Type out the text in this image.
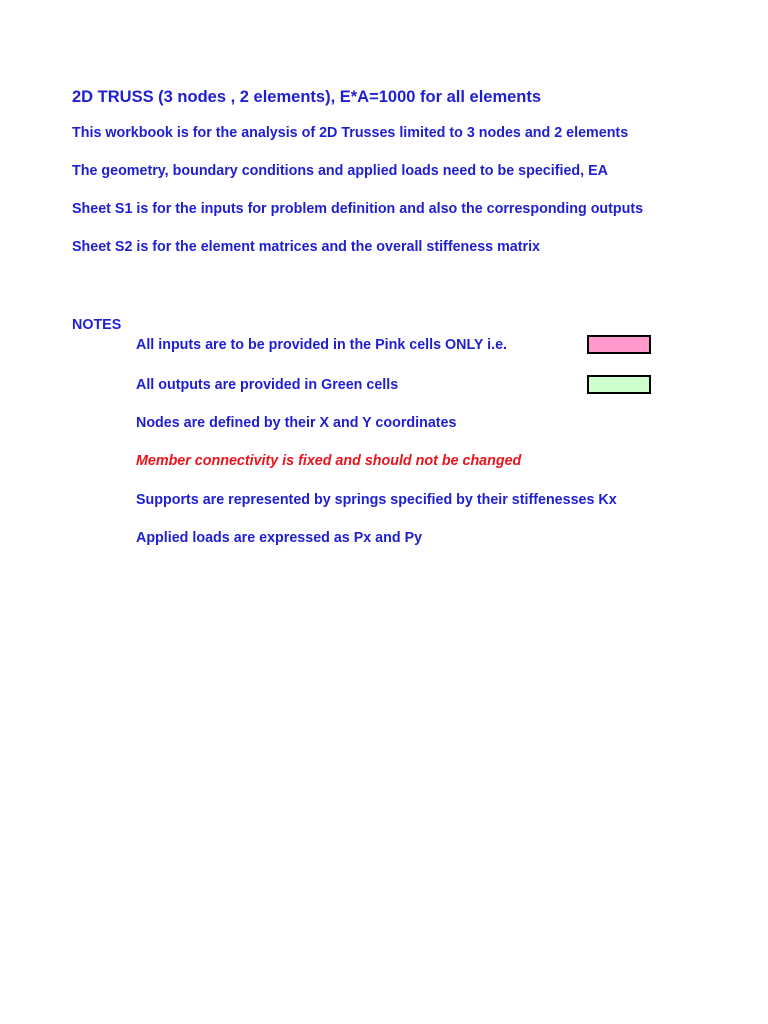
2D TRUSS (3 nodes , 2 elements), E*A=1000 for all elements
This workbook is for the analysis of 2D Trusses limited to 3 nodes and 2 elements
The geometry, boundary conditions and applied loads need to be specified, EA
Sheet S1 is for the inputs for problem definition and also the corresponding outputs
Sheet S2 is for the element matrices and the overall stiffeness matrix
NOTES
All inputs are to be provided in the Pink cells ONLY i.e.
All outputs are provided in Green cells
Nodes are defined by their X and Y coordinates
Member connectivity is fixed and should not be changed
Supports are represented by springs specified by their stiffenesses Kx
Applied loads are expressed as Px and Py
